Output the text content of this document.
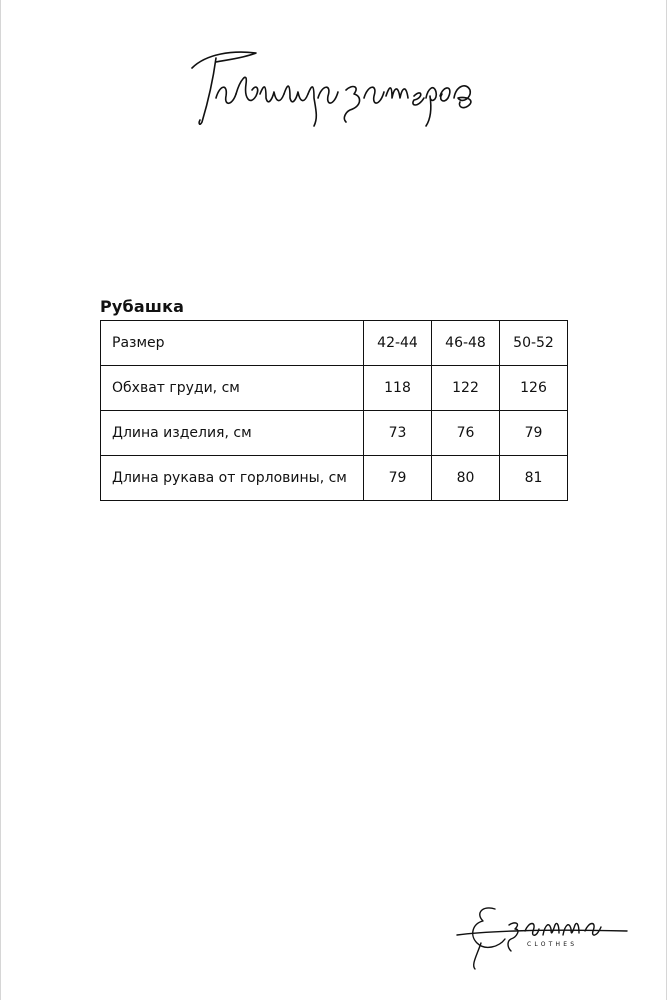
Рубашка
Размер	42-44	46-48	50-52
Обхват груди, см	118	122	126
Длина изделия, см	73	76	79
Длина рукава от горловины, см	79	80	81
CLOTHES
